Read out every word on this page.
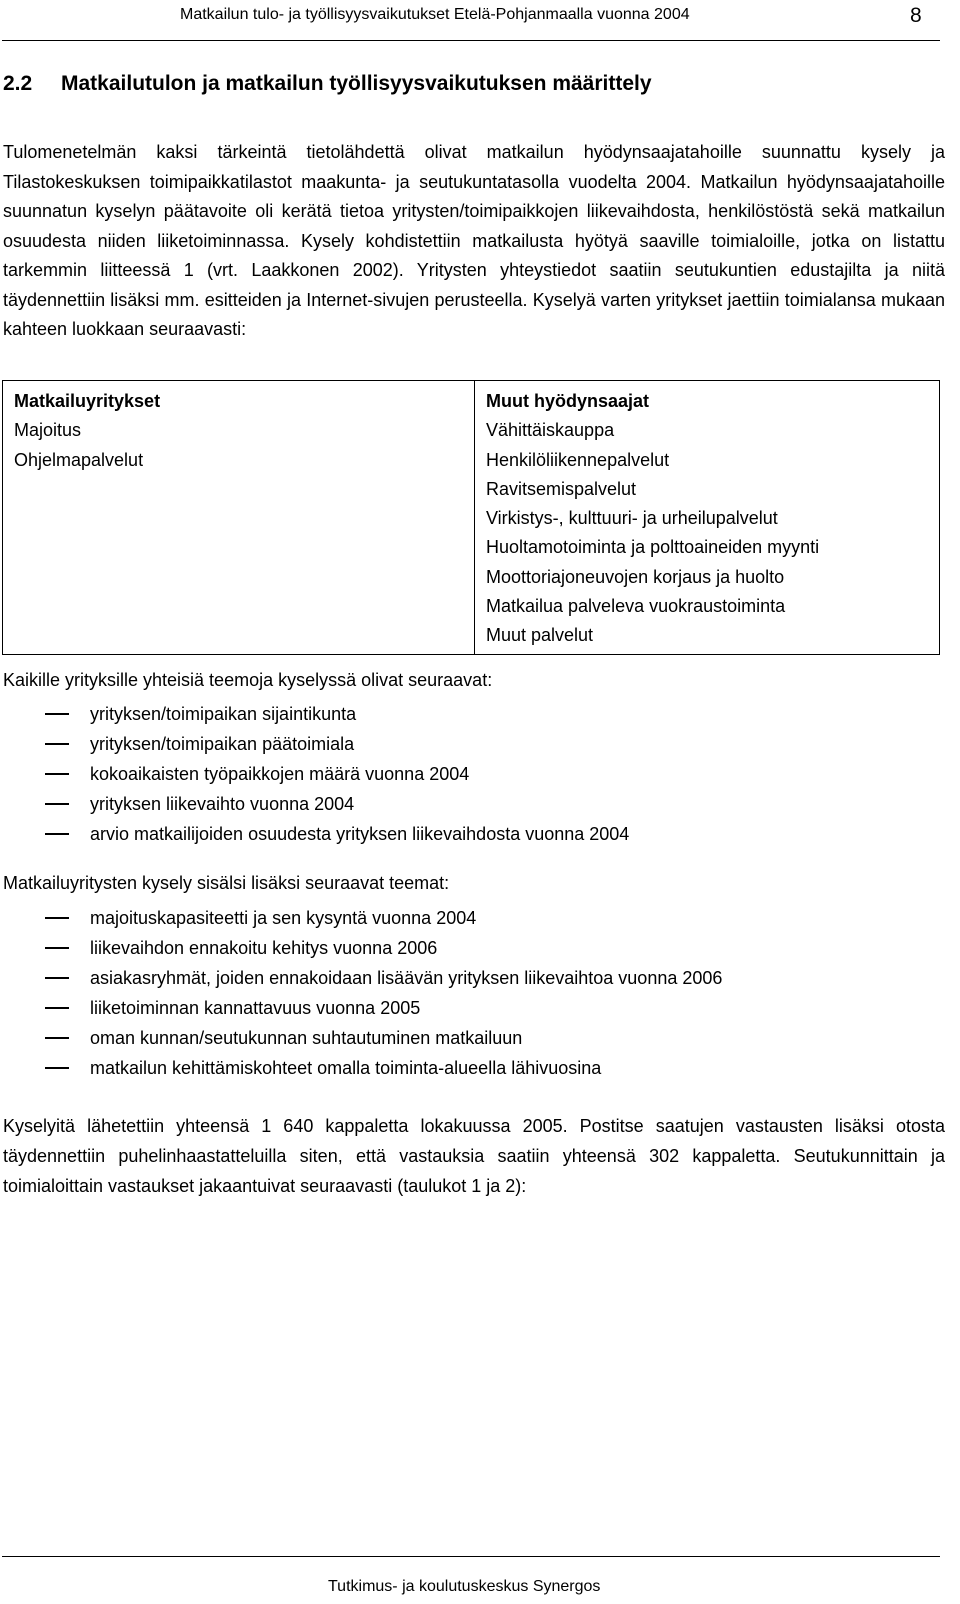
Matkailun tulo- ja työllisyysvaikutukset Etelä-Pohjanmaalla vuonna 2004	8
2.2 Matkailutulon ja matkailun työllisyysvaikutuksen määrittely

Tulomenetelmän kaksi tärkeintä tietolähdettä olivat matkailun hyödynsaajatahoille suunnattu kysely ja Tilastokeskuksen toimipaikkatilastot maakunta- ja seutukuntatasolla vuodelta 2004. Matkailun hyödynsaajatahoille suunnatun kyselyn päätavoite oli kerätä tietoa yritysten/toimipaikkojen liikevaihdosta, henkilöstöstä sekä matkailun osuudesta niiden liiketoiminnassa. Kysely kohdistettiin matkailusta hyötyä saaville toimialoille, jotka on listattu tarkemmin liitteessä 1 (vrt. Laakkonen 2002). Yritysten yhteystiedot saatiin seutukuntien edustajilta ja niitä täydennettiin lisäksi mm. esitteiden ja Internet-sivujen perusteella. Kyselyä varten yritykset jaettiin toimialansa mukaan kahteen luokkaan seuraavasti:

Matkailuyritykset
Majoitus
Ohjelmapalvelut
Muut hyödynsaajat
Vähittäiskauppa
Henkilöliikennepalvelut
Ravitsemispalvelut
Virkistys-, kulttuuri- ja urheilupalvelut
Huoltamotoiminta ja polttoaineiden myynti
Moottoriajoneuvojen korjaus ja huolto
Matkailua palveleva vuokraustoiminta
Muut palvelut
Kaikille yrityksille yhteisiä teemoja kyselyssä olivat seuraavat:
yrityksen/toimipaikan sijaintikunta
yrityksen/toimipaikan päätoimiala
kokoaikaisten työpaikkojen määrä vuonna 2004
yrityksen liikevaihto vuonna 2004
arvio matkailijoiden osuudesta yrityksen liikevaihdosta vuonna 2004
Matkailuyritysten kysely sisälsi lisäksi seuraavat teemat:
majoituskapasiteetti ja sen kysyntä vuonna 2004
liikevaihdon ennakoitu kehitys vuonna 2006
asiakasryhmät, joiden ennakoidaan lisäävän yrityksen liikevaihtoa vuonna 2006
liiketoiminnan kannattavuus vuonna 2005
oman kunnan/seutukunnan suhtautuminen matkailuun
matkailun kehittämiskohteet omalla toiminta-alueella lähivuosina

Kyselyitä lähetettiin yhteensä 1 640 kappaletta lokakuussa 2005. Postitse saatujen vastausten lisäksi otosta täydennettiin puhelinhaastatteluilla siten, että vastauksia saatiin yhteensä 302 kappaletta. Seutukunnittain ja toimialoittain vastaukset jakaantuivat seuraavasti (taulukot 1 ja 2):

Tutkimus- ja koulutuskeskus Synergos
